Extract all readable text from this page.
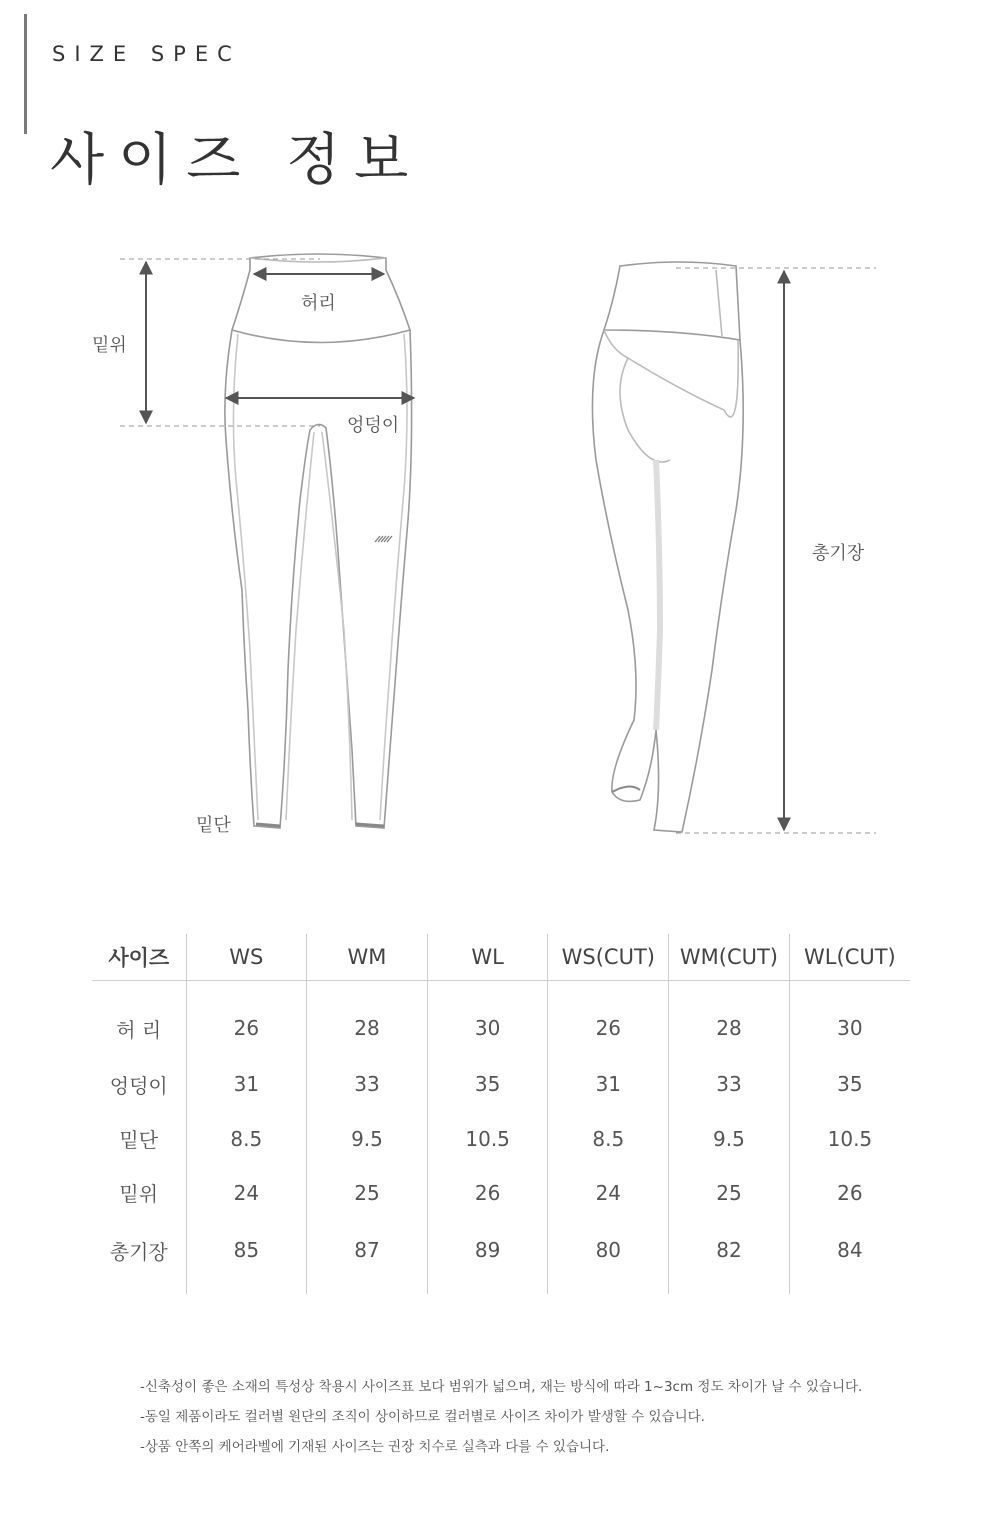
SIZE SPEC
사이즈 정보
밑위
허리
엉덩이
밑단
총기장
사이즈	WS	WM	WL	WS(CUT)	WM(CUT)	WL(CUT)
허 리	26	28	30	26	28	30
엉덩이	31	33	35	31	33	35
밑단	8.5	9.5	10.5	8.5	9.5	10.5
밑위	24	25	26	24	25	26
총기장	85	87	89	80	82	84
-신축성이 좋은 소재의 특성상 착용시 사이즈표 보다 범위가 넓으며, 재는 방식에 따라 1~3cm 정도 차이가 날 수 있습니다.
-동일 제품이라도 컬러별 원단의 조직이 상이하므로 컬러별로 사이즈 차이가 발생할 수 있습니다.
-상품 안쪽의 케어라벨에 기재된 사이즈는 권장 치수로 실측과 다를 수 있습니다.
